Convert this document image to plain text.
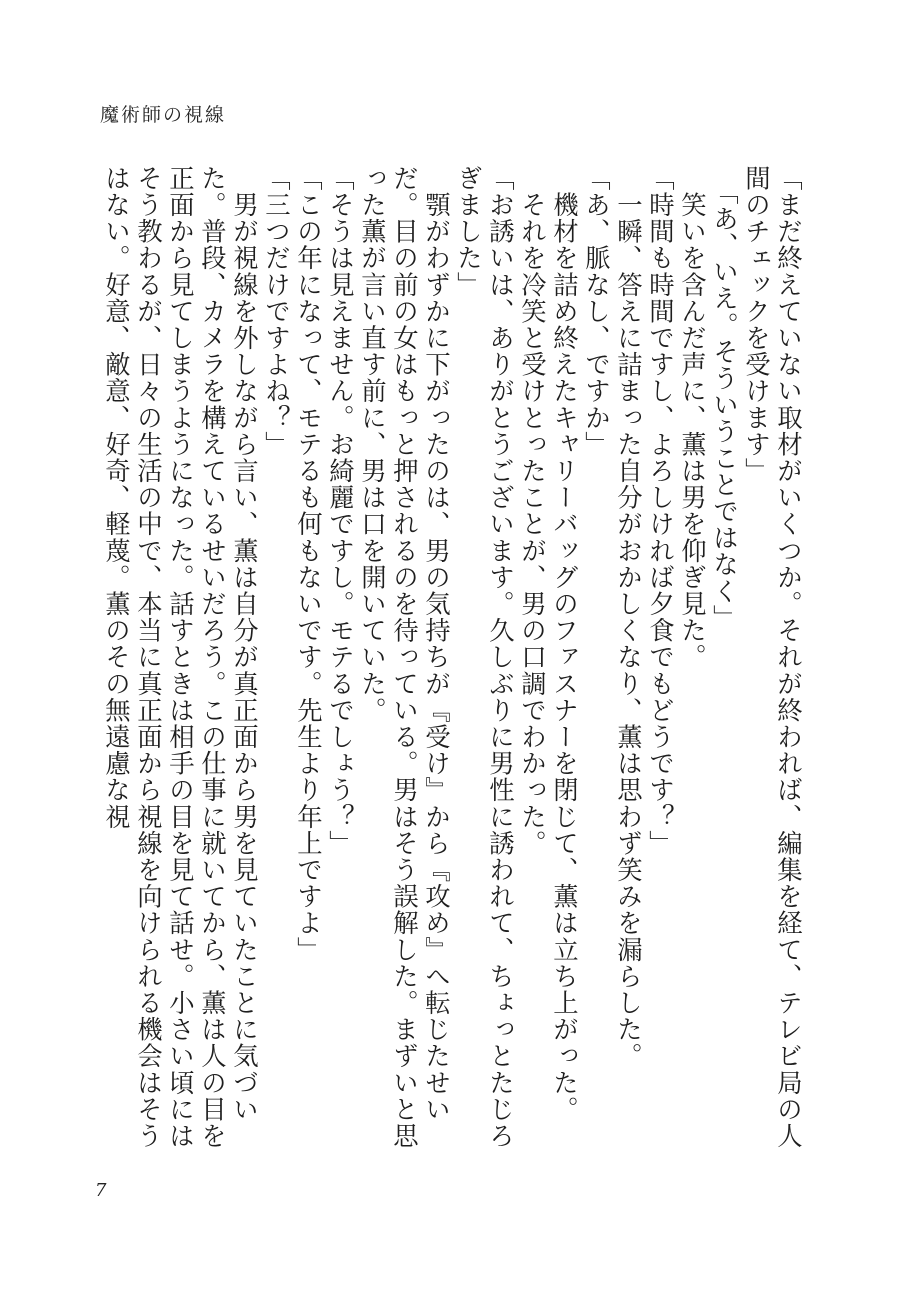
魔術師の視線

「まだ終えていない取材がいくつか。それが終われば、編集を経て、テレビ局の人間のチェックを受けます」

　「あ、いえ。そういうことではなく」

　笑いを含んだ声に、薫は男を仰ぎ見た。

「時間も時間ですし、よろしければ夕食でもどうです？」

　一瞬、答えに詰まった自分がおかしくなり、薫は思わず笑みを漏らした。

「あ、脈なし、ですか」

　機材を詰め終えたキャリーバッグのファスナーを閉じて、薫は立ち上がった。

　それを冷笑と受けとったことが、男の口調でわかった。

「お誘いは、ありがとうございます。久しぶりに男性に誘われて、ちょっとたじろぎました」

　顎がわずかに下がったのは、男の気持ちが『受け』から『攻め』へ転じたせいだ。目の前の女はもっと押されるのを待っている。男はそう誤解した。まずいと思った薫が言い直す前に、男は口を開いていた。

「そうは見えません。お綺麗ですし。モテるでしょう？」

「この年になって、モテるも何もないです。先生より年上ですよ」

「三つだけですよね？」

　男が視線を外しながら言い、薫は自分が真正面から男を見ていたことに気づいた。普段、カメラを構えているせいだろう。この仕事に就いてから、薫は人の目を正面から見てしまうようになった。話すときは相手の目を見て話せ。小さい頃にはそう教わるが、日々の生活の中で、本当に真正面から視線を向けられる機会はそうはない。好意、敵意、好奇、軽蔑。薫のその無遠慮な視

7
